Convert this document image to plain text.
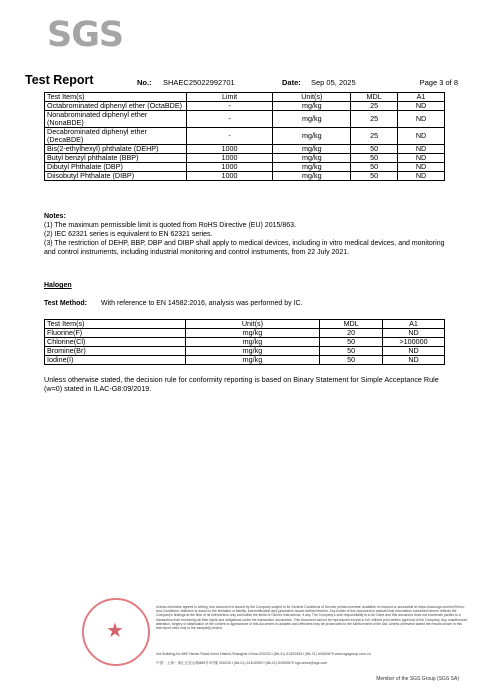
SGS
Test Report	No.: SHAEC25022992701	Date: Sep 05, 2025	Page 3 of 8
Test Item(s)	Limit	Unit(s)	MDL	A1
Octabrominated diphenyl ether (OctaBDE)	-	mg/kg	25	ND
Nonabrominated diphenyl ether (NonaBDE)	-	mg/kg	25	ND
Decabrominated diphenyl ether (DecaBDE)	-	mg/kg	25	ND
Bis(2-ethylhexyl) phthalate (DEHP)	1000	mg/kg	50	ND
Butyl benzyl phthalate (BBP)	1000	mg/kg	50	ND
Dibutyl Phthalate (DBP)	1000	mg/kg	50	ND
Diisobutyl Phthalate (DIBP)	1000	mg/kg	50	ND
Notes:
(1) The maximum permissible limit is quoted from RoHS Directive (EU) 2015/863.
(2) IEC 62321 series is equivalent to EN 62321 series.
(3) The restriction of DEHP, BBP, DBP and DIBP shall apply to medical devices, including in vitro medical devices, and monitoring and control instruments, including industrial monitoring and control instruments, from 22 July 2021.
Halogen
Test Method: With reference to EN 14582:2016, analysis was performed by IC.
Test Item(s)	Unit(s)	MDL	A1
Fluorine(F)	mg/kg	20	ND
Chlorine(Cl)	mg/kg	50	>100000
Bromine(Br)	mg/kg	50	ND
Iodine(I)	mg/kg	50	ND
Unless otherwise stated, the decision rule for conformity reporting is based on Binary Statement for Simple Acceptance Rule (w=0) stated in ILAC-G8:09/2019.
★
Unless otherwise agreed in writing, this document is issued by the Company subject to its General Conditions of Service printed overleaf, available on request or accessible at https://www.sgs.com/en/Terms-and-Conditions. Attention is drawn to the limitation of liability, indemnification and jurisdiction issues defined therein. Any holder of this document is advised that information contained hereon reflects the Company's findings at the time of its intervention only and within the limits of Client's instructions, if any. The Company's sole responsibility is to its Client and this document does not exonerate parties to a transaction from exercising all their rights and obligations under the transaction documents. This document cannot be reproduced except in full, without prior written approval of the Company. Any unauthorized alteration, forgery or falsification of the content or appearance of this document is unlawful and offenders may be prosecuted to the fullest extent of the law. Unless otherwise stated the results shown in this test report refer only to the sample(s) tested.
3rd Building,No.889 Yishan Road,Xuhui District,Shanghai China 200233 t (86-21) 61402553 f (86-21) 64953679 www.sgsgroup.com.cn
中国・上海・徐汇区宜山路889号3号楼 200233 t (86-21) 61402553 f (86-21) 64953679 sgs.china@sgs.com
Member of the SGS Group (SGS SA)
